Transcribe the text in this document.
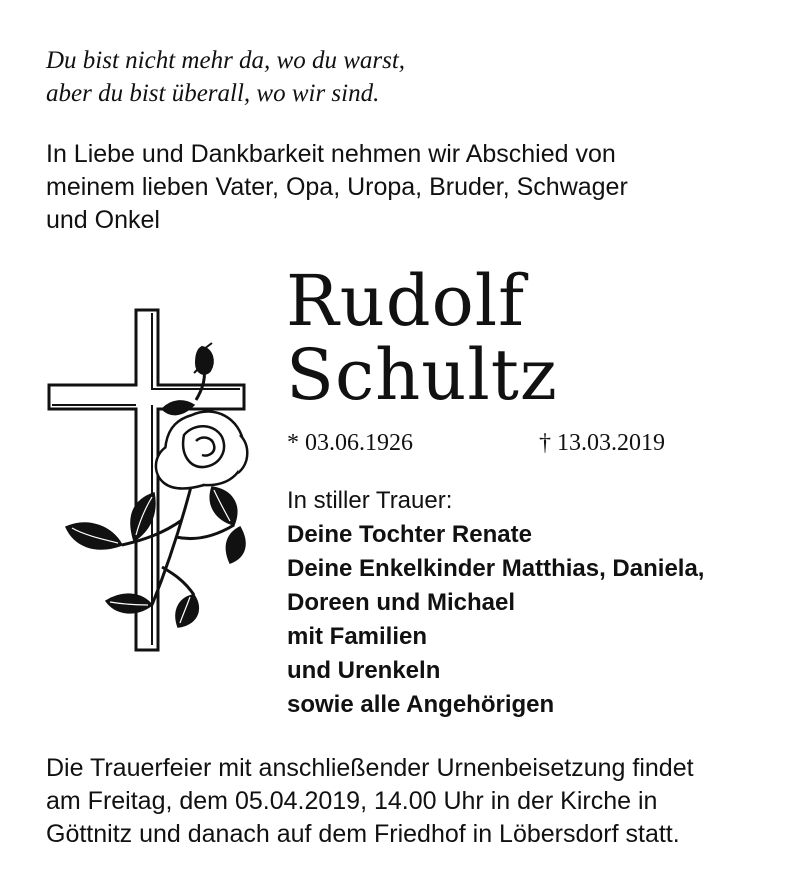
Du bist nicht mehr da, wo du warst,
aber du bist überall, wo wir sind.

In Liebe und Dankbarkeit nehmen wir Abschied von
meinem lieben Vater, Opa, Uropa, Bruder, Schwager
und Onkel

Rudolf
Schultz
* 03.06.1926	† 13.03.2019
In stiller Trauer:
Deine Tochter Renate
Deine Enkelkinder Matthias, Daniela,
Doreen und Michael
mit Familien
und Urenkeln
sowie alle Angehörigen

Die Trauerfeier mit anschließender Urnenbeisetzung findet
am Freitag, dem 05.04.2019, 14.00 Uhr in der Kirche in
Göttnitz und danach auf dem Friedhof in Löbersdorf statt.
